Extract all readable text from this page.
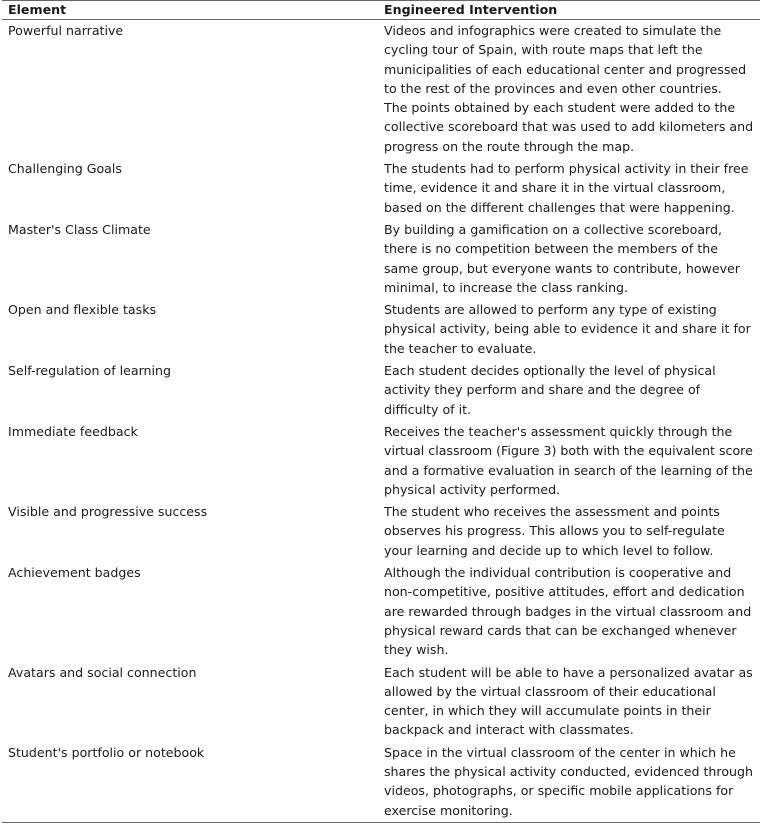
Element	Engineered Intervention
Powerful narrative	Videos and infographics were created to simulate the cycling tour of Spain, with route maps that left the municipalities of each educational center and progressed to the rest of the provinces and even other countries.
The points obtained by each student were added to the collective scoreboard that was used to add kilometers and progress on the route through the map.

Challenging Goals	The students had to perform physical activity in their free time, evidence it and share it in the virtual classroom, based on the different challenges that were happening.

Master's Class Climate	By building a gamification on a collective scoreboard, there is no competition between the members of the same group, but everyone wants to contribute, however minimal, to increase the class ranking.

Open and flexible tasks	Students are allowed to perform any type of existing physical activity, being able to evidence it and share it for the teacher to evaluate.

Self-regulation of learning	Each student decides optionally the level of physical activity they perform and share and the degree of difficulty of it.

Immediate feedback	Receives the teacher's assessment quickly through the virtual classroom (Figure 3) both with the equivalent score and a formative evaluation in search of the learning of the physical activity performed.

Visible and progressive success	The student who receives the assessment and points observes his progress. This allows you to self-regulate your learning and decide up to which level to follow.

Achievement badges	Although the individual contribution is cooperative and non-competitive, positive attitudes, effort and dedication are rewarded through badges in the virtual classroom and physical reward cards that can be exchanged whenever they wish.

Avatars and social connection	Each student will be able to have a personalized avatar as allowed by the virtual classroom of their educational center, in which they will accumulate points in their backpack and interact with classmates.

Student's portfolio or notebook	Space in the virtual classroom of the center in which he shares the physical activity conducted, evidenced through videos, photographs, or specific mobile applications for exercise monitoring.
